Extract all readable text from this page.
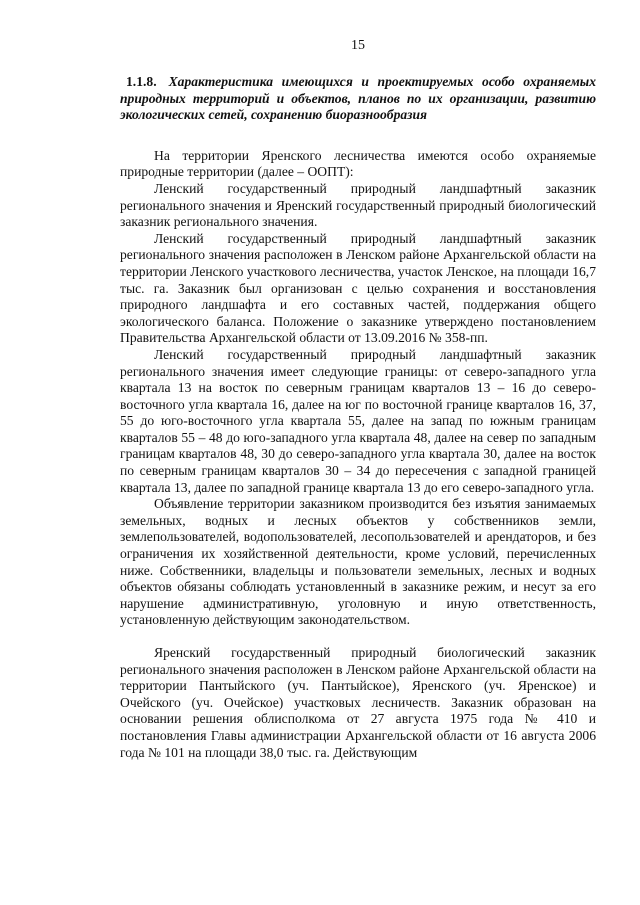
15
1.1.8. Характеристика имеющихся и проектируемых особо охраняемых природных территорий и объектов, планов по их организации, развитию экологических сетей, сохранению биоразнообразия

На территории Яренского лесничества имеются особо охраняемые природные территории (далее – ООПТ):

Ленский государственный природный ландшафтный заказник регионального значения и Яренский государственный природный биологический заказник регионального значения.

Ленский государственный природный ландшафтный заказник регионального значения расположен в Ленском районе Архангельской области на территории Ленского участкового лесничества, участок Ленское, на площади 16,7 тыс. га. Заказник был организован с целью сохранения и восстановления природного ландшафта и его составных частей, поддержания общего экологического баланса. Положение о заказнике утверждено постановлением Правительства Архангельской области от 13.09.2016 № 358-пп.

Ленский государственный природный ландшафтный заказник регионального значения имеет следующие границы: от северо-западного угла квартала 13 на восток по северным границам кварталов 13 – 16 до северо-восточного угла квартала 16, далее на юг по восточной границе кварталов 16, 37, 55 до юго-восточного угла квартала 55, далее на запад по южным границам кварталов 55 – 48 до юго-западного угла квартала 48, далее на север по западным границам кварталов 48, 30 до северо-западного угла квартала 30, далее на восток по северным границам кварталов 30 – 34 до пересечения с западной границей квартала 13, далее по западной границе квартала 13 до его северо-западного угла.

Объявление территории заказником производится без изъятия занимаемых земельных, водных и лесных объектов у собственников земли, землепользователей, водопользователей, лесопользователей и арендаторов, и без ограничения их хозяйственной деятельности, кроме условий, перечисленных ниже. Собственники, владельцы и пользователи земельных, лесных и водных объектов обязаны соблюдать установленный в заказнике режим, и несут за его нарушение административную, уголовную и иную ответственность, установленную действующим законодательством.

Яренский государственный природный биологический заказник регионального значения расположен в Ленском районе Архангельской области на территории Пантыйского (уч. Пантыйское), Яренского (уч. Яренское) и Очейского (уч. Очейское) участковых лесничеств. Заказник образован на основании решения облисполкома от 27 августа 1975 года № 410 и постановления Главы администрации Архангельской области от 16 августа 2006 года № 101 на площади 38,0 тыс. га. Действующим
